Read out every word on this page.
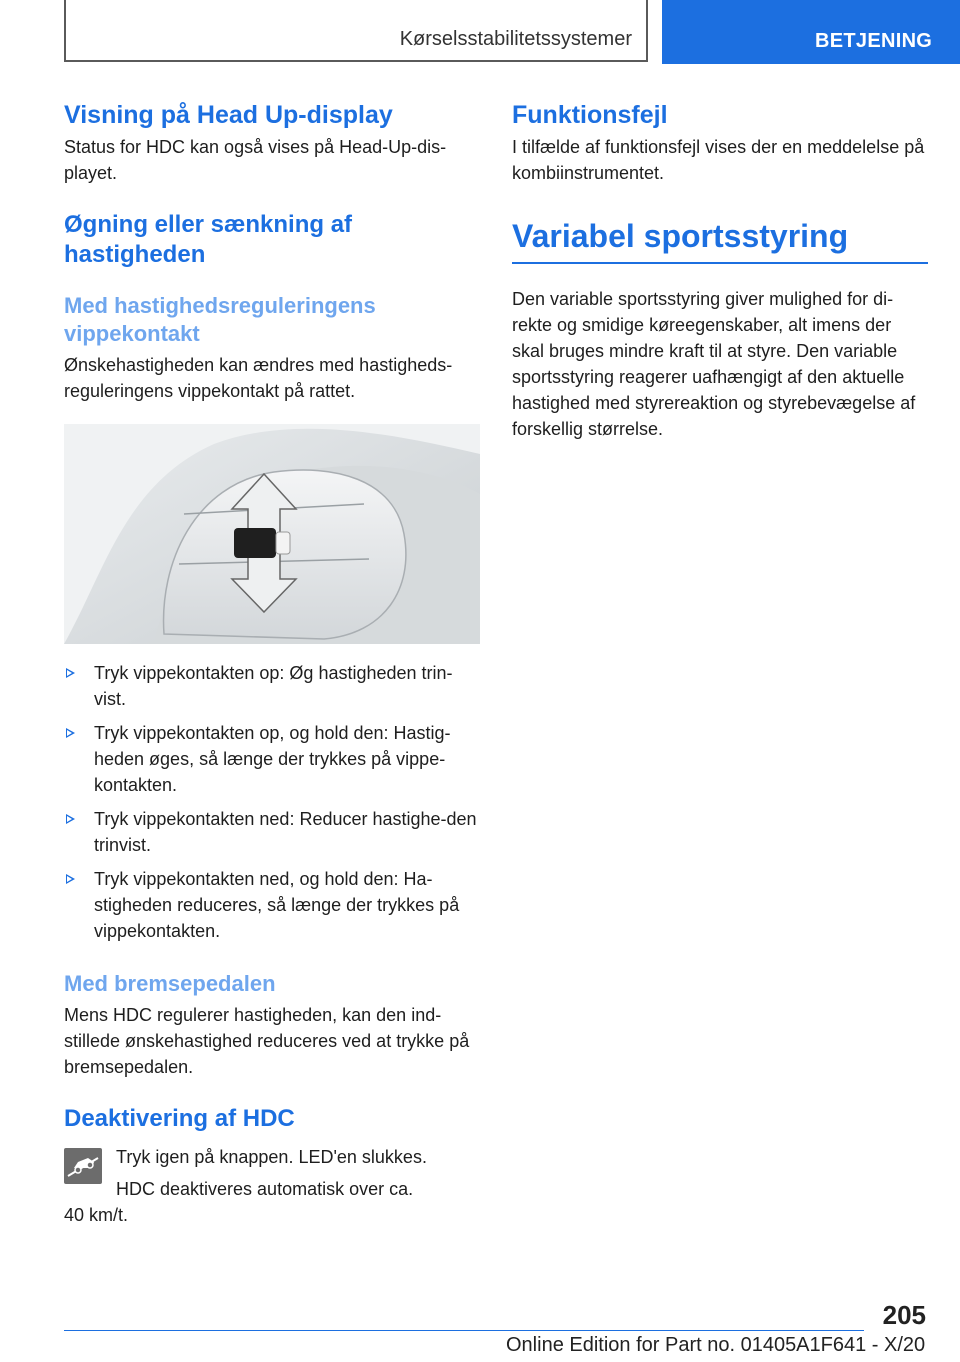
Kørselsstabilitetssystemer	BETJENING
Visning på Head Up-display

Status for HDC kan også vises på Head-Up-dis-playet.

Øgning eller sænkning af hastigheden
Med hastighedsreguleringens vippekontakt

Ønskehastigheden kan ændres med hastigheds-reguleringens vippekontakt på rattet.

Tryk vippekontakten op: Øg hastigheden trin-vist.
Tryk vippekontakten op, og hold den: Hastig-heden øges, så længe der trykkes på vippe-kontakten.
Tryk vippekontakten ned: Reducer hastighe-den trinvist.
Tryk vippekontakten ned, og hold den: Ha-stigheden reduceres, så længe der trykkes på vippekontakten.
Med bremsepedalen

Mens HDC regulerer hastigheden, kan den ind-stillede ønskehastighed reduceres ved at trykke på bremsepedalen.

Deaktivering af HDC

Tryk igen på knappen. LED'en slukkes.

HDC deaktiveres automatisk over ca.

40 km/t.

Funktionsfejl

I tilfælde af funktionsfejl vises der en meddelelse på kombiinstrumentet.

Variabel sportsstyring

Den variable sportsstyring giver mulighed for di-rekte og smidige køreegenskaber, alt imens der skal bruges mindre kraft til at styre. Den variable sportsstyring reagerer uafhængigt af den aktuelle hastighed med styrereaktion og styrebevægelse af forskellig størrelse.

205
Online Edition for Part no. 01405A1F641 - X/20
